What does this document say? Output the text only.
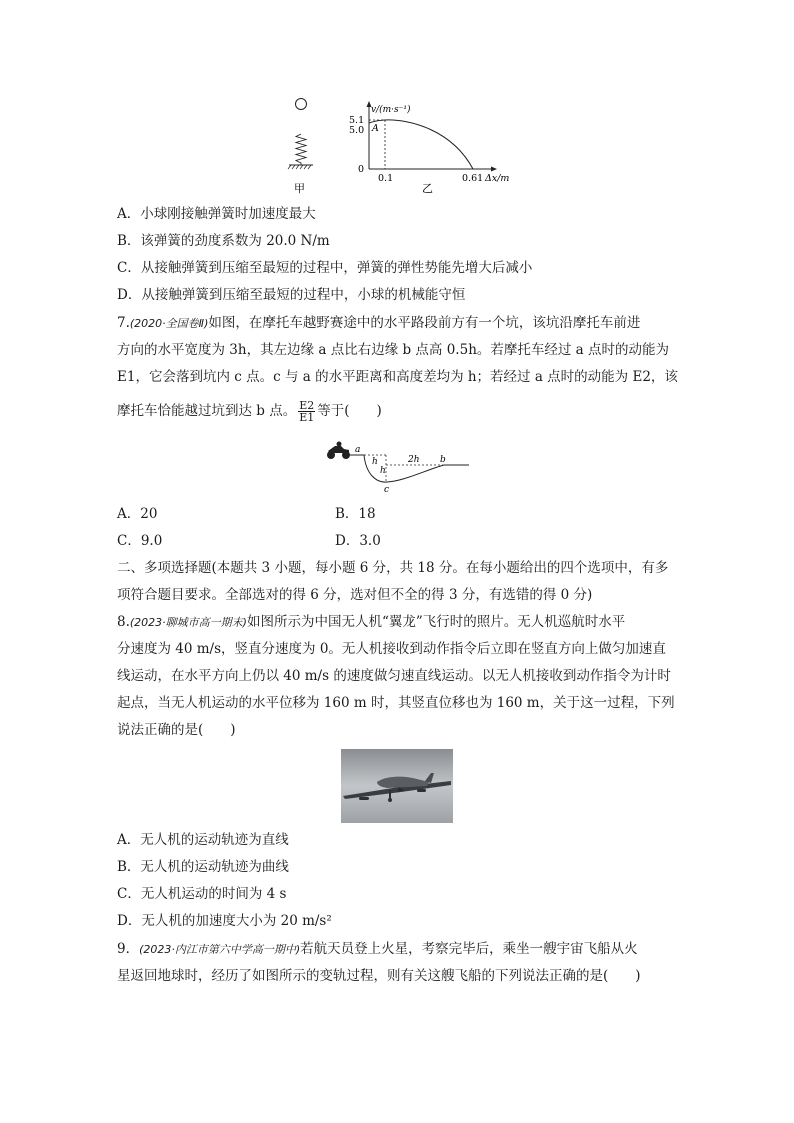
甲
v/(m·s⁻¹)
5.1
5.0
0
A
0.1	0.61 Δx/m
乙
A．小球刚接触弹簧时加速度最大
B．该弹簧的劲度系数为 20.0 N/m
C．从接触弹簧到压缩至最短的过程中，弹簧的弹性势能先增大后减小
D．从接触弹簧到压缩至最短的过程中，小球的机械能守恒
7.(2020·全国卷Ⅱ)如图，在摩托车越野赛途中的水平路段前方有一个坑，该坑沿摩托车前进
方向的水平宽度为 3h，其左边缘 a 点比右边缘 b 点高 0.5h。若摩托车经过 a 点时的动能为
E1，它会落到坑内 c 点。c 与 a 的水平距离和高度差均为 h；若经过 a 点时的动能为 E2，该
摩托车恰能越过坑到达 b 点。 $\frac{E2}{E1}$ 等于(　　)
a
h
h
2h b
c
A．20	B．18
C．9.0	D．3.0
二、多项选择题(本题共 3 小题，每小题 6 分，共 18 分。在每小题给出的四个选项中，有多
项符合题目要求。全部选对的得 6 分，选对但不全的得 3 分，有选错的得 0 分)
8.(2023·聊城市高一期末)如图所示为中国无人机“翼龙”飞行时的照片。无人机巡航时水平
分速度为 40 m/s，竖直分速度为 0。无人机接收到动作指令后立即在竖直方向上做匀加速直
线运动，在水平方向上仍以 40 m/s 的速度做匀速直线运动。以无人机接收到动作指令为计时
起点，当无人机运动的水平位移为 160 m 时，其竖直位移也为 160 m，关于这一过程，下列
说法正确的是(　　)
A．无人机的运动轨迹为直线
B．无人机的运动轨迹为曲线
C．无人机运动的时间为 4 s
D．无人机的加速度大小为 20 m/s²
9．(2023·内江市第六中学高一期中)若航天员登上火星，考察完毕后，乘坐一艘宇宙飞船从火
星返回地球时，经历了如图所示的变轨过程，则有关这艘飞船的下列说法正确的是(　　)
